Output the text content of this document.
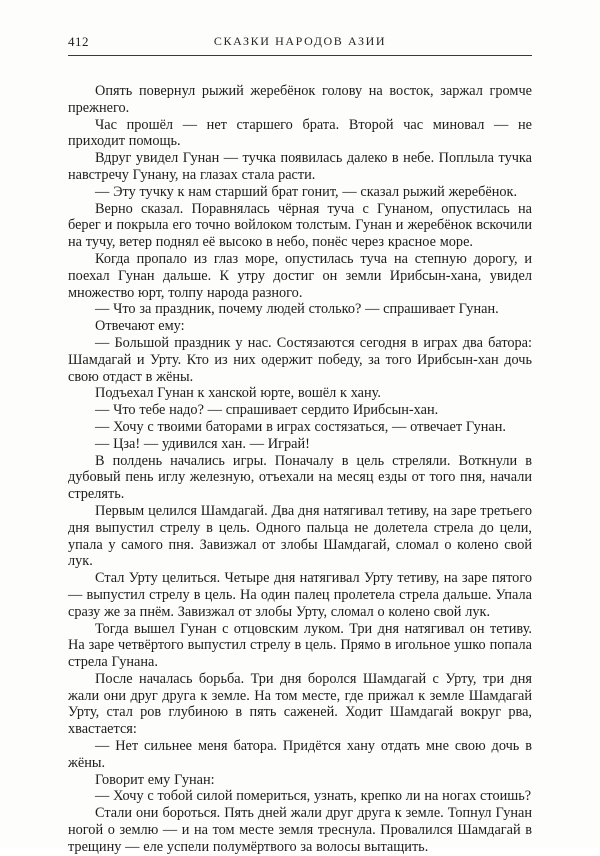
412	СКАЗКИ НАРОДОВ АЗИИ

Опять повернул рыжий жеребёнок голову на восток, заржал громче прежнего.

Час прошёл — нет старшего брата. Второй час миновал — не приходит помощь.

Вдруг увидел Гунан — тучка появилась далеко в небе. Поплыла тучка навстречу Гунану, на глазах стала расти.

— Эту тучку к нам старший брат гонит, — сказал рыжий жеребёнок.

Верно сказал. Поравнялась чёрная туча с Гунаном, опустилась на берег и покрыла его точно войлоком толстым. Гунан и жеребёнок вскочили на тучу, ветер поднял её высоко в небо, понёс через красное море.

Когда пропало из глаз море, опустилась туча на степную дорогу, и поехал Гунан дальше. К утру достиг он земли Ирибсын-хана, увидел множество юрт, толпу народа разного.

— Что за праздник, почему людей столько? — спрашивает Гунан.

Отвечают ему:

— Большой праздник у нас. Состязаются сегодня в играх два батора: Шамдагай и Урту. Кто из них одержит победу, за того Ирибсын-хан дочь свою отдаст в жёны.

Подъехал Гунан к ханской юрте, вошёл к хану.

— Что тебе надо? — спрашивает сердито Ирибсын-хан.

— Хочу с твоими баторами в играх состязаться, — отвечает Гунан.

— Цза! — удивился хан. — Играй!

В полдень начались игры. Поначалу в цель стреляли. Воткнули в дубовый пень иглу железную, отъехали на месяц езды от того пня, начали стрелять.

Первым целился Шамдагай. Два дня натягивал тетиву, на заре третьего дня выпустил стрелу в цель. Одного пальца не долетела стрела до цели, упала у самого пня. Завизжал от злобы Шамдагай, сломал о колено свой лук.

Стал Урту целиться. Четыре дня натягивал Урту тетиву, на заре пятого — выпустил стрелу в цель. На один палец пролетела стрела дальше. Упала сразу же за пнём. Завизжал от злобы Урту, сломал о колено свой лук.

Тогда вышел Гунан с отцовским луком. Три дня натягивал он тетиву. На заре четвёртого выпустил стрелу в цель. Прямо в игольное ушко попала стрела Гунана.

После началась борьба. Три дня боролся Шамдагай с Урту, три дня жали они друг друга к земле. На том месте, где прижал к земле Шамдагай Урту, стал ров глубиною в пять саженей. Ходит Шамдагай вокруг рва, хвастается:

— Нет сильнее меня батора. Придётся хану отдать мне свою дочь в жёны.

Говорит ему Гунан:

— Хочу с тобой силой помериться, узнать, крепко ли на ногах стоишь?

Стали они бороться. Пять дней жали друг друга к земле. Топнул Гунан ногой о землю — и на том месте земля треснула. Провалился Шамдагай в трещину — еле успели полумёртвого за волосы вытащить.
